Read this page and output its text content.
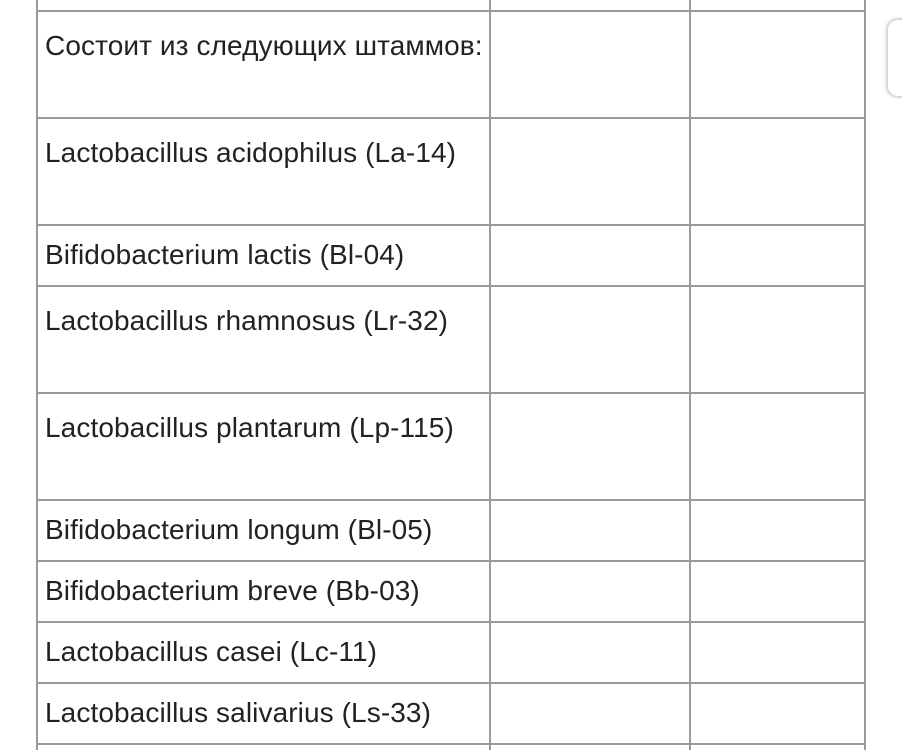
Состоит из следующих штаммов:		

Lactobacillus acidophilus (La-14)		

Bifidobacterium lactis (Bl-04)		

Lactobacillus rhamnosus (Lr-32)		

Lactobacillus plantarum (Lp-115)		

Bifidobacterium longum (Bl-05)		

Bifidobacterium breve (Bb-03)		

Lactobacillus casei (Lc-11)		

Lactobacillus salivarius (Ls-33)		
